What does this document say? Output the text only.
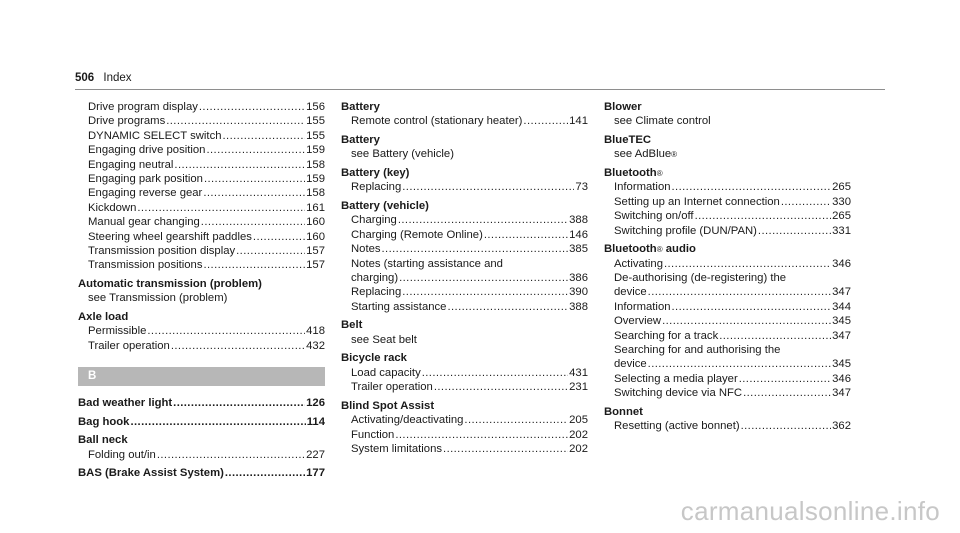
506 Index
Drive program display .....	156
Drive programs .....	155
DYNAMIC SELECT switch .....	155
Engaging drive position .....	159
Engaging neutral .....	158
Engaging park position .....	159
Engaging reverse gear .....	158
Kickdown .....	161
Manual gear changing .....	160
Steering wheel gearshift paddles .....	160
Transmission position display .....	157
Transmission positions .....	157
Automatic transmission (problem)
see Transmission (problem)
Axle load
Permissible .....	418
Trailer operation .....	432
B
Bad weather light .....	126
Bag hook .....	114
Ball neck
Folding out/in .....	227
BAS (Brake Assist System) .....	177
Battery
Remote control (stationary heater) .....	141
Battery
see Battery (vehicle)
Battery (key)
Replacing .....	73
Battery (vehicle)
Charging .....	388
Charging (Remote Online) .....	146
Notes .....	385
Notes (starting assistance and
charging) .....	386
Replacing .....	390
Starting assistance .....	388
Belt
see Seat belt
Bicycle rack
Load capacity .....	431
Trailer operation .....	231
Blind Spot Assist
Activating/deactivating .....	205
Function .....	202
System limitations .....	202
Blower
see Climate control
BlueTEC
see AdBlue ®
Bluetooth ®
Information .....	265
Setting up an Internet connection .....	330
Switching on/off .....	265
Switching profile (DUN/PAN) .....	331
Bluetooth ® audio
Activating .....	346
De-authorising (de-registering) the
device .....	347
Information .....	344
Overview .....	345
Searching for a track .....	347
Searching for and authorising the
device .....	345
Selecting a media player .....	346
Switching device via NFC .....	347
Bonnet
Resetting (active bonnet) .....	362
carmanualsonline.info
